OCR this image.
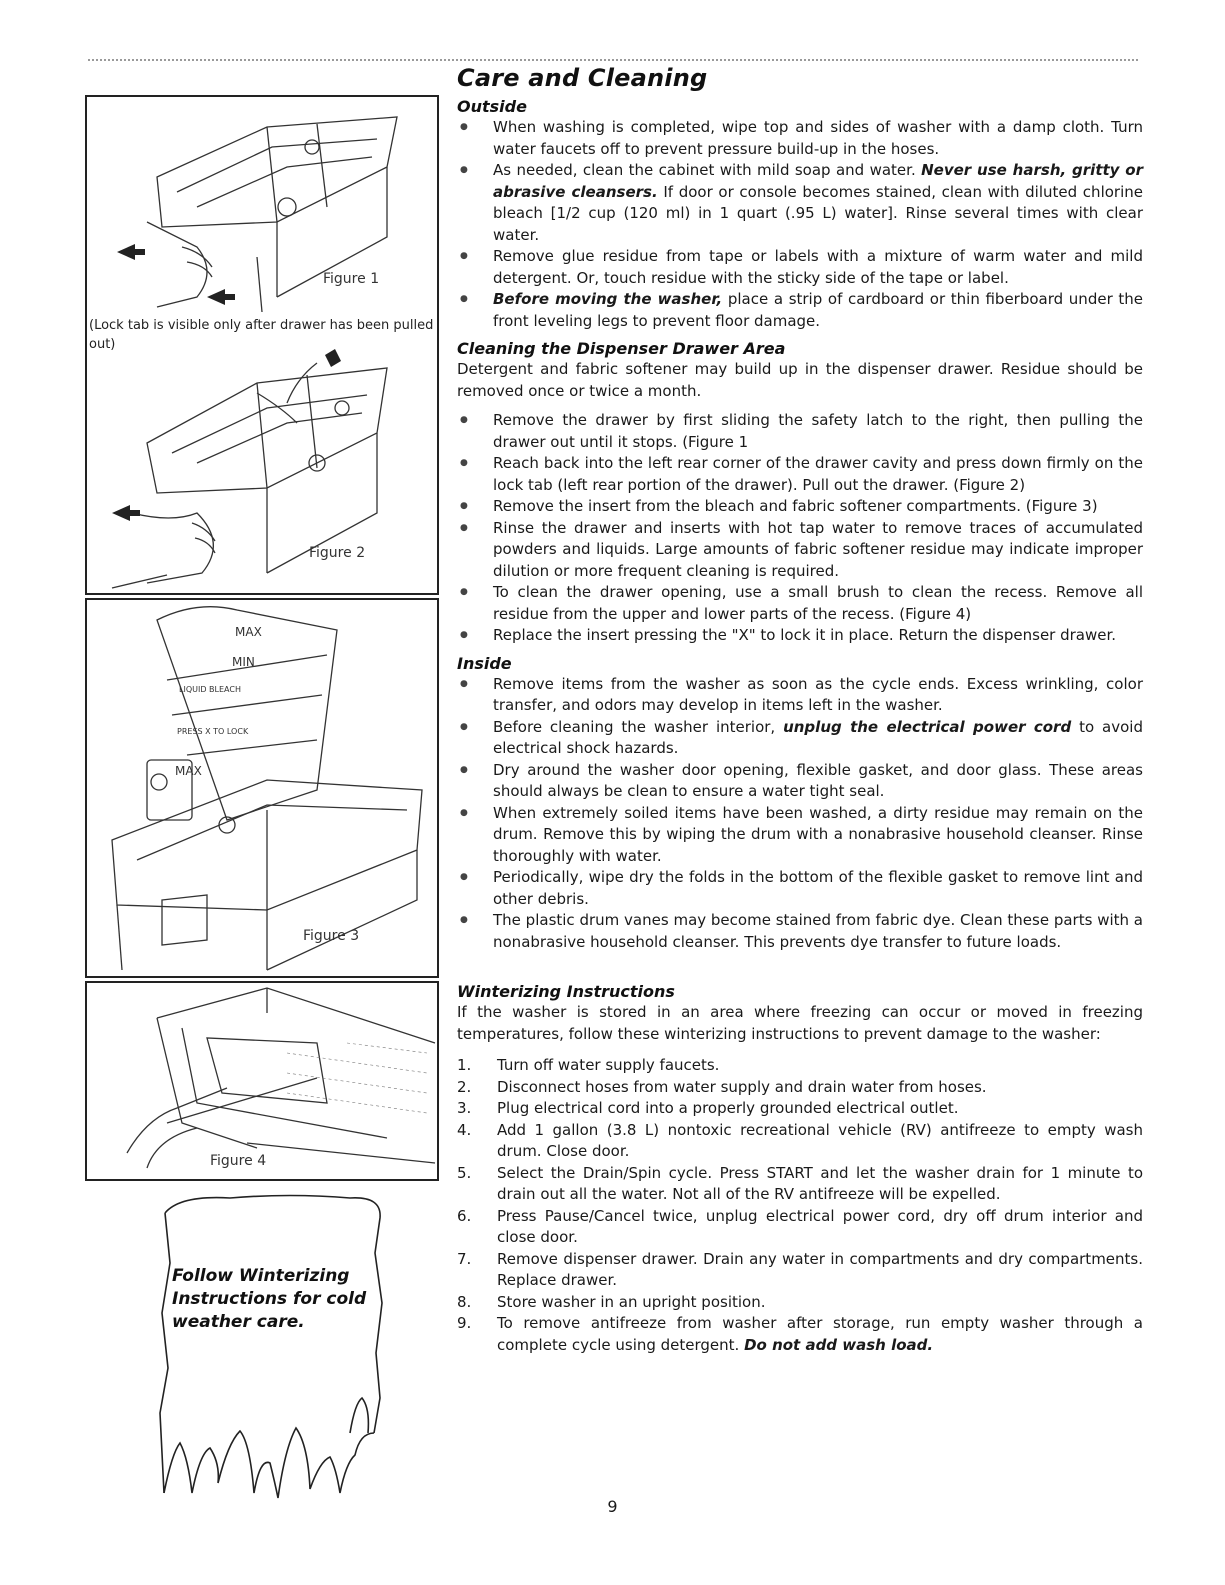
Figure 1
(Lock tab is visible only after drawer has been pulled out)
Figure 2
MAX
MIN
LIQUID BLEACH
PRESS X TO LOCK
MAX
Figure 3
Figure 4
Follow Winterizing Instructions for cold weather care.
Care and Cleaning
Outside
● When washing is completed, wipe top and sides of washer with a damp cloth. Turn water faucets off to prevent pressure build-up in the hoses.
● As needed, clean the cabinet with mild soap and water. Never use harsh, gritty or abrasive cleansers. If door or console becomes stained, clean with diluted chlorine bleach [1/2 cup (120 ml) in 1 quart (.95 L) water]. Rinse several times with clear water.
● Remove glue residue from tape or labels with a mixture of warm water and mild detergent. Or, touch residue with the sticky side of the tape or label.
● Before moving the washer, place a strip of cardboard or thin fiberboard under the front leveling legs to prevent floor damage.
Cleaning the Dispenser Drawer Area

Detergent and fabric softener may build up in the dispenser drawer. Residue should be removed once or twice a month.

● Remove the drawer by first sliding the safety latch to the right, then pulling the drawer out until it stops. (Figure 1
● Reach back into the left rear corner of the drawer cavity and press down firmly on the lock tab (left rear portion of the drawer). Pull out the drawer. (Figure 2)
● Remove the insert from the bleach and fabric softener compartments. (Figure 3)
● Rinse the drawer and inserts with hot tap water to remove traces of accumulated powders and liquids. Large amounts of fabric softener residue may indicate improper dilution or more frequent cleaning is required.
● To clean the drawer opening, use a small brush to clean the recess. Remove all residue from the upper and lower parts of the recess. (Figure 4)
● Replace the insert pressing the "X" to lock it in place. Return the dispenser drawer.
Inside
● Remove items from the washer as soon as the cycle ends. Excess wrinkling, color transfer, and odors may develop in items left in the washer.
● Before cleaning the washer interior, unplug the electrical power cord to avoid electrical shock hazards.
● Dry around the washer door opening, flexible gasket, and door glass. These areas should always be clean to ensure a water tight seal.
● When extremely soiled items have been washed, a dirty residue may remain on the drum. Remove this by wiping the drum with a nonabrasive household cleanser. Rinse thoroughly with water.
● Periodically, wipe dry the folds in the bottom of the flexible gasket to remove lint and other debris.
● The plastic drum vanes may become stained from fabric dye. Clean these parts with a nonabrasive household cleanser. This prevents dye transfer to future loads.
Winterizing Instructions

If the washer is stored in an area where freezing can occur or moved in freezing temperatures, follow these winterizing instructions to prevent damage to the washer:

1. Turn off water supply faucets.
2. Disconnect hoses from water supply and drain water from hoses.
3. Plug electrical cord into a properly grounded electrical outlet.
4. Add 1 gallon (3.8 L) nontoxic recreational vehicle (RV) antifreeze to empty wash drum. Close door.
5. Select the Drain/Spin cycle. Press START and let the washer drain for 1 minute to drain out all the water. Not all of the RV antifreeze will be expelled.
6. Press Pause/Cancel twice, unplug electrical power cord, dry off drum interior and close door.
7. Remove dispenser drawer. Drain any water in compartments and dry compartments. Replace drawer.
8. Store washer in an upright position.
9. To remove antifreeze from washer after storage, run empty washer through a complete cycle using detergent. Do not add wash load.
9
